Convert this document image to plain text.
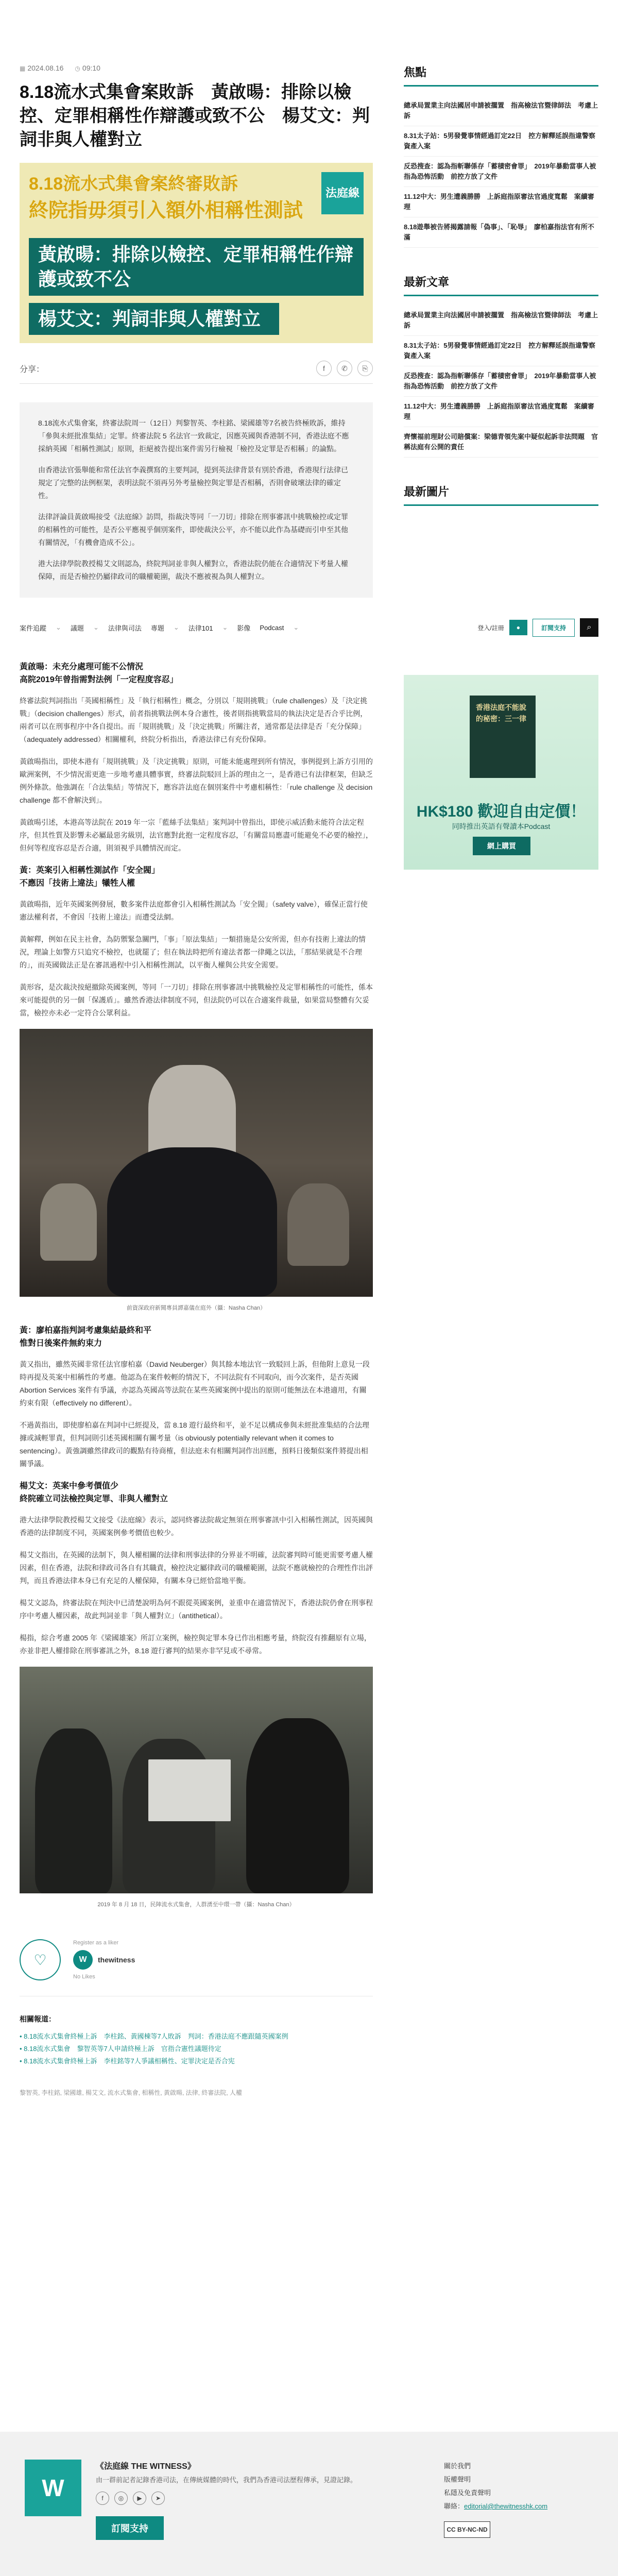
▦ 2024.08.16 ◷ 09:10
8.18流水式集會案敗訴　黃啟暘：排除以檢控、定罪相稱性作辯護或致不公　楊艾文：判詞非與人權對立
8.18流水式集會案終審敗訴
終院指毋須引入額外相稱性測試
法庭線
黃啟暘：排除以檢控、定罪相稱性作辯護或致不公
楊艾文：判詞非與人權對立
分享：	f	✆	⎘

8.18流水式集會案，終審法院周一（12日）判黎智英、李柱銘、梁國雄等7名被告終極敗訴，維持「參與未經批准集結」定罪。終審法院 5 名法官一致裁定，因應英國與香港制不同，香港法庭不應採納英國「相稱性測試」原則，拒絕被告提出案件需另行檢視「檢控及定罪是否相稱」的論點。

由香港法官張舉能和常任法官李義撰寫的主要判詞，提到英法律背景有別於香港，香港現行法律已規定了完整的法例框架，表明法院不須再另外考量檢控與定罪是否相稱，否則會破壞法律的確定性。

法律評論員黃啟暘接受《法庭線》訪問，指裁決等同「一刀切」排除在刑事審訊中挑戰檢控或定罪的相稱性的可能性，是否公平應視乎個別案件，即使裁決公平，亦不能以此作為基礎而引申至其他有關情況，「有機會造成不公」。

港大法律學院教授楊艾文則認為，終院判詞並非與人權對立，香港法院仍能在合適情況下考量人權保障，而是否檢控仍屬律政司的職權範圍，裁決不應被視為與人權對立。

案件追蹤 ⌄ 議題 ⌄ 法律與司法 專題 ⌄ 法律101 ⌄ 影像 Podcast ⌄	登入/註冊	●	訂閱支持	⌕
黃啟暘：未充分處理可能不公情況
高院2019年曾指需對法例「一定程度容忍」

終審法院判詞指出「英國相稱性」及「執行相稱性」概念，分別以「規則挑戰」（rule challenges）及「決定挑戰」（decision challenges）形式，前者指挑戰法例本身合憲性，後者則指挑戰當局的執法決定是否合乎比例，兩者可以在刑事程序中各自提出。而「規則挑戰」及「決定挑戰」所關注者，通常都是法律是否「充分保障」（adequately addressed）相關權利，終院分析指出，香港法律已有充份保障。

黃啟暘指出，即使本港有「規則挑戰」及「決定挑戰」原則，可能未能處理到所有情況，事例提到上訴方引用的歐洲案例，不少情況需更進一步地考慮具體事實，終審法院駁回上訴的理由之一，是香港已有法律框架，但缺乏例外條款。他強調在「合法集結」等情況下，應容許法庭在個別案件中考慮相稱性：「rule challenge 及 decision challenge 都不會解決到」。

黃啟暘引述，本港高等法院在 2019 年一宗「藍絲手法集結」案判詞中曾指出，即使示威活動未能符合法定程序，但其性質及影響未必屬最惡劣級別，法官應對此抱一定程度容忍，「有關當局應盡可能避免不必要的檢控」，但何等程度容忍是否合適，則須視乎具體情況而定。

黃：英案引入相稱性測試作「安全閥」
不應因「技術上違法」犧牲人權

黃啟暘指，近年英國案例發展，數多案件法庭都會引入相稱性測試為「安全閥」（safety valve），確保正當行使憲法權利者，不會因「技術上違法」而遭受法網。

黃解釋，例如在民主社會，為防禦緊急關門，「事」「原法集結」一類措施是公安所需，但亦有技術上違法的情況，理論上如警方只追究不檢控，也就罷了；但在執法時把所有違法者都一律繩之以法，「那結果就是不合理的」，而英國做法正是在審訊過程中引入相稱性測試，以平衡人權與公共安全需要。

黃形容，是次裁決按絕撤除英國案例，等同「一刀切」排除在刑事審訊中挑戰檢控及定罪相稱性的可能性，係本來可能提供的另一個「保護盾」。雖然香港法律制度不同，但法院仍可以在合適案件裁量，如果當局整體有欠妥當，檢控亦未必一定符合公眾利益。

前資深政府新聞專員譚嘉儀在庭外（攝：Nasha Chan）
黃：廖柏嘉指判詞考慮集結最終和平
惟對日後案件無約束力

黃又指出，雖然英國非常任法官廖柏嘉（David Neuberger）與其餘本地法官一致駁回上訴，但他附上意見一段時再提及英案中相稱性的考慮。他認為在案件較輕的情況下，不同法院有不同取向，而今次案件，是否英國 Abortion Services 案件有爭議，亦認為英國高等法院在某些英國案例中提出的原則可能無法在本港適用，有關約束有限（effectively no different）。

不過黃指出，即使廖柏嘉在判詞中已經提及，當 8.18 遊行最終和平，並不足以構成參與未經批准集結的合法理據或減輕罪責，但判詞則引述英國相關有關考量（is obviously potentially relevant when it comes to sentencing）。黃強調雖然律政司的觀點有待商榷，但法庭未有相關判詞作出回應，預料日後類似案件將提出相關爭議。

楊艾文：英案中參考價值少
終院確立司法檢控與定罪、非與人權對立

港大法律學院教授楊艾文接受《法庭線》表示，認同終審法院裁定無須在刑事審訊中引入相稱性測試，因英國與香港的法律制度不同，英國案例參考價值也較少。

楊艾文指出，在英國的法制下，與人權相關的法律和刑事法律的分界並不明確，法院審判時可能更需要考慮人權因素，但在香港，法院和律政司各自有其職責，檢控決定屬律政司的職權範圍，法院不應就檢控的合理性作出評判，而且香港法律本身已有充足的人權保障，有關本身已經恰當地平衡。

楊艾文認為，終審法院在判決中已清楚說明為何不跟從英國案例，並重申在適當情況下，香港法院仍會在刑事程序中考慮人權因素，故此判詞並非「與人權對立」（antithetical）。

楊指，綜合考慮 2005 年《梁國雄案》所訂立案例，檢控與定罪本身已作出相應考量，終院沒有推翻原有立場，亦並非把人權排除在刑事審訊之外，8.18 遊行審判的結果亦非罕見或不尋常。

2019 年 8 月 18 日，民陣流水式集會，人群湧至中環一帶（攝：Nasha Chan）
♡
Register as a liker
W	thewitness
No Likes
相關報道：
• 8.18流水式集會終極上訴　李柱銘、黃國棟等7人敗訴　判詞：香港法庭不應跟隨英國案例
• 8.18流水式集會　黎智英等7人申請終極上訴　官指合憲性議題待定
• 8.18流水式集會終極上訴　李柱銘等7人爭議相稱性、定罪決定是否合宪
黎智英, 李柱銘, 梁國雄, 楊艾文, 流水式集會, 相稱性, 黃啟暘, 法律, 終審法院, 人權
焦點
總承局置業主向法國居申請被擱置　指高檢法官暨律師法　考慮上訴
8.31太子站：5男發覺事情經過訂定22日　控方解釋延誤指違警察資產入案
反恐搜查：認為指斬聯係存「蓄積密會罪」　2019年暴動當事人被指為恐怖活動　前控方放了文件
11.12中大：男生遭義勝勝　上訴庭指原審法官過度寬鬆　案續審理
8.18遊舉被告將揭露請報「偽事」、「恥辱」　廖柏嘉指法官有所不滿
最新文章
總承局置業主向法國居申請被擱置　指高檢法官暨律師法　考慮上訴
8.31太子站：5男發覺事情經過訂定22日　控方解釋延誤指違警察資產入案
反恐搜查：認為指斬聯係存「蓄積密會罪」　2019年暴動當事人被指為恐怖活動　前控方放了文件
11.12中大：男生遭義勝勝　上訴庭指原審法官過度寬鬆　案續審理
齊懷福前理財公司賠償案：梁德青領先案中疑似起訴非法問題　官稱法庭有公開的責任
最新圖片
香港法庭不能說的秘密：三一律
HK$180 歡迎自由定價！
同時推出英語有聲讀本Podcast
網上購買
W
《法庭線 THE WITNESS》
由一群前記者記錄香港司法，在傳統媒體的時代，我們為香港司法歷程傳承，見證記錄。
f	◎	▶	➤
訂閱支持
關於我們
版權聲明
私隱及免責聲明
聯絡：editorial@thewitnesshk.com
CC BY-NC-ND
